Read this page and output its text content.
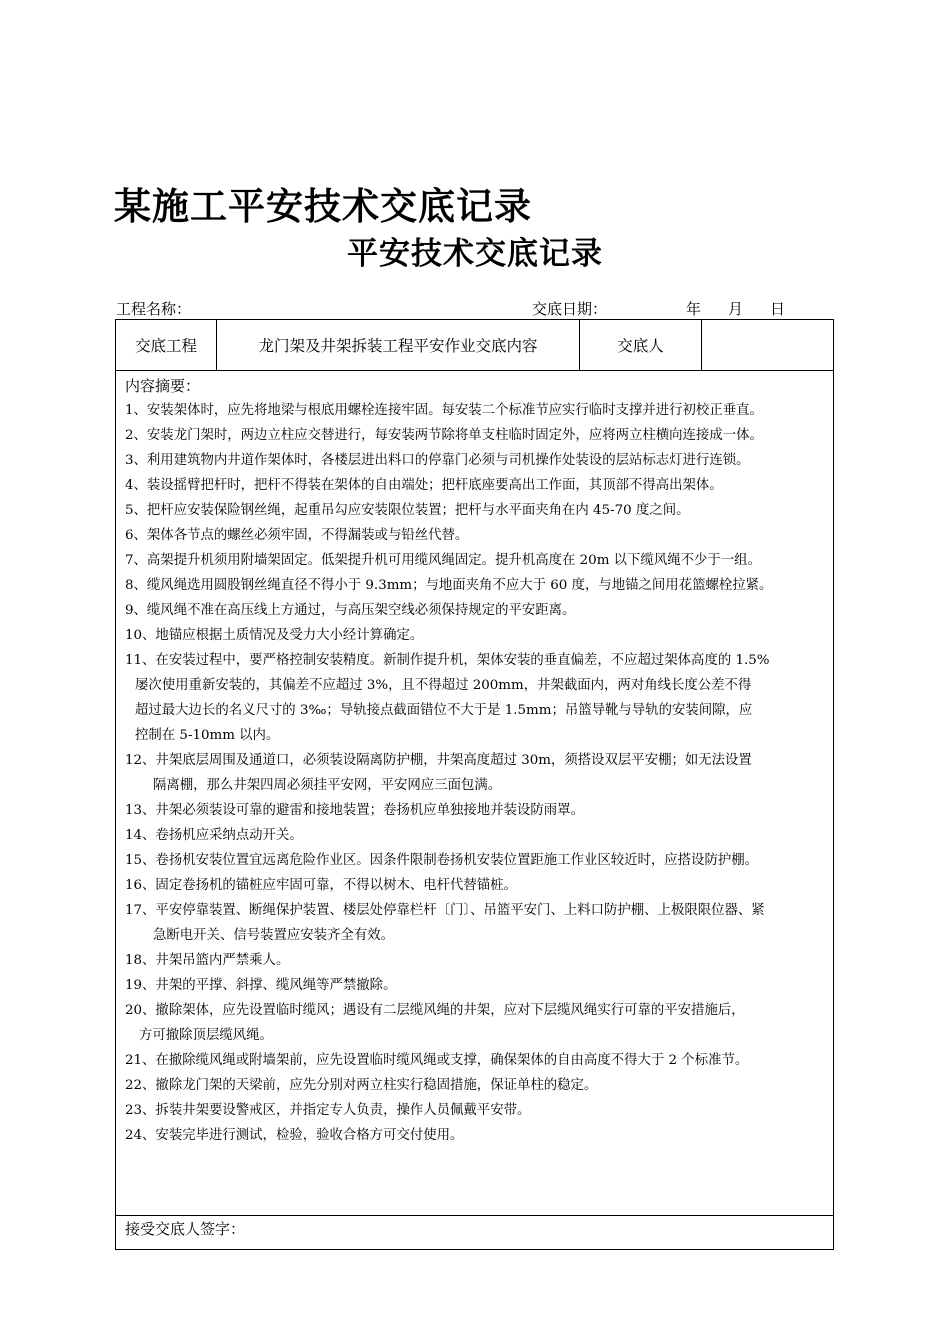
某施工平安技术交底记录
平安技术交底记录
工程名称：	交底日期：	年 月 日
交底工程	龙门架及井架拆装工程平安作业交底内容	交底人
内容摘要：
1、安装架体时，应先将地梁与根底用螺栓连接牢固。每安装二个标准节应实行临时支撑并进行初校正垂直。
2、安装龙门架时，两边立柱应交替进行，每安装两节除将单支柱临时固定外，应将两立柱横向连接成一体。
3、利用建筑物内井道作架体时，各楼层进出料口的停靠门必须与司机操作处装设的层站标志灯进行连锁。
4、装设摇臂把杆时，把杆不得装在架体的自由端处；把杆底座要高出工作面，其顶部不得高出架体。
5、把杆应安装保险钢丝绳，起重吊勾应安装限位装置；把杆与水平面夹角在内 45-70 度之间。
6、架体各节点的螺丝必须牢固，不得漏装或与铅丝代替。
7、高架提升机须用附墙架固定。低架提升机可用缆风绳固定。提升机高度在 20m 以下缆风绳不少于一组。
8、缆风绳选用圆股钢丝绳直径不得小于 9.3mm；与地面夹角不应大于 60 度，与地锚之间用花篮螺栓拉紧。
9、缆风绳不准在高压线上方通过，与高压架空线必须保持规定的平安距离。
10、地锚应根据土质情况及受力大小经计算确定。
11、在安装过程中，要严格控制安装精度。新制作提升机，架体安装的垂直偏差，不应超过架体高度的 1.5%
屡次使用重新安装的，其偏差不应超过 3%，且不得超过 200mm，井架截面内，两对角线长度公差不得
超过最大边长的名义尺寸的 3‰；导轨接点截面错位不大于是 1.5mm；吊篮导靴与导轨的安装间隙，应
控制在 5-10mm 以内。
12、井架底层周围及通道口，必须装设隔离防护棚，井架高度超过 30m，须搭设双层平安棚；如无法设置
隔离棚，那么井架四周必须挂平安网，平安网应三面包满。
13、井架必须装设可靠的避雷和接地装置；卷扬机应单独接地并装设防雨罩。
14、卷扬机应采纳点动开关。
15、卷扬机安装位置宜远离危险作业区。因条件限制卷扬机安装位置距施工作业区较近时，应搭设防护棚。
16、固定卷扬机的锚桩应牢固可靠，不得以树木、电杆代替锚桩。
17、平安停靠装置、断绳保护装置、楼层处停靠栏杆〔门〕、吊篮平安门、上料口防护棚、上极限限位器、紧
急断电开关、信号装置应安装齐全有效。
18、井架吊篮内严禁乘人。
19、井架的平撑、斜撑、缆风绳等严禁撤除。
20、撤除架体，应先设置临时缆风；遇设有二层缆风绳的井架，应对下层缆风绳实行可靠的平安措施后，
方可撤除顶层缆风绳。
21、在撤除缆风绳或附墙架前，应先设置临时缆风绳或支撑，确保架体的自由高度不得大于 2 个标准节。
22、撤除龙门架的天梁前，应先分别对两立柱实行稳固措施，保证单柱的稳定。
23、拆装井架要设警戒区，并指定专人负责，操作人员佩戴平安带。
24、安装完毕进行测试，检验，验收合格方可交付使用。
接受交底人签字：
